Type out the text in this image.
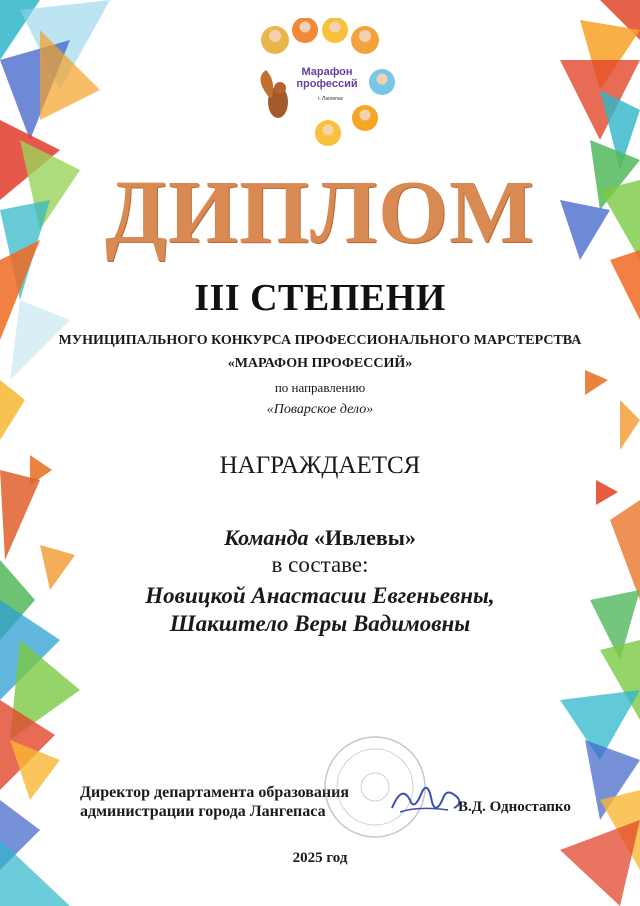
Марафон
профессий
г. Лангепас
ДИПЛОМ
III СТЕПЕНИ
МУНИЦИПАЛЬНОГО КОНКУРСА ПРОФЕССИОНАЛЬНОГО МАРСТЕРСТВА
«МАРАФОН ПРОФЕССИЙ»
по направлению
«Поварское дело»
НАГРАЖДАЕТСЯ
Команда «Ивлевы»
в составе:
Новицкой Анастасии Евгеньевны,
Шакштело Веры Вадимовны
Директор департамента образования
администрации города Лангепаса	В.Д. Одностапко
2025 год
